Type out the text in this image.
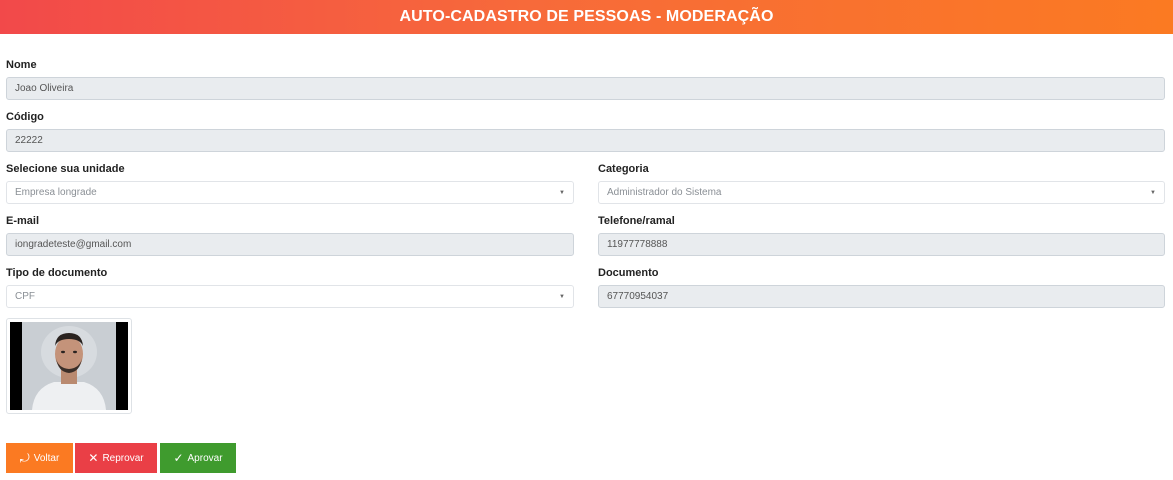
AUTO-CADASTRO DE PESSOAS - MODERAÇÃO
Nome
Joao Oliveira
Código
22222
Selecione sua unidade
Empresa longrade	▼
Categoria
Administrador do Sistema	▼
E-mail
iongradeteste@gmail.com
Telefone/ramal
11977778888
Tipo de documento
CPF	▼
Documento
67770954037
⤾ Voltar ✕ Reprovar ✓ Aprovar
